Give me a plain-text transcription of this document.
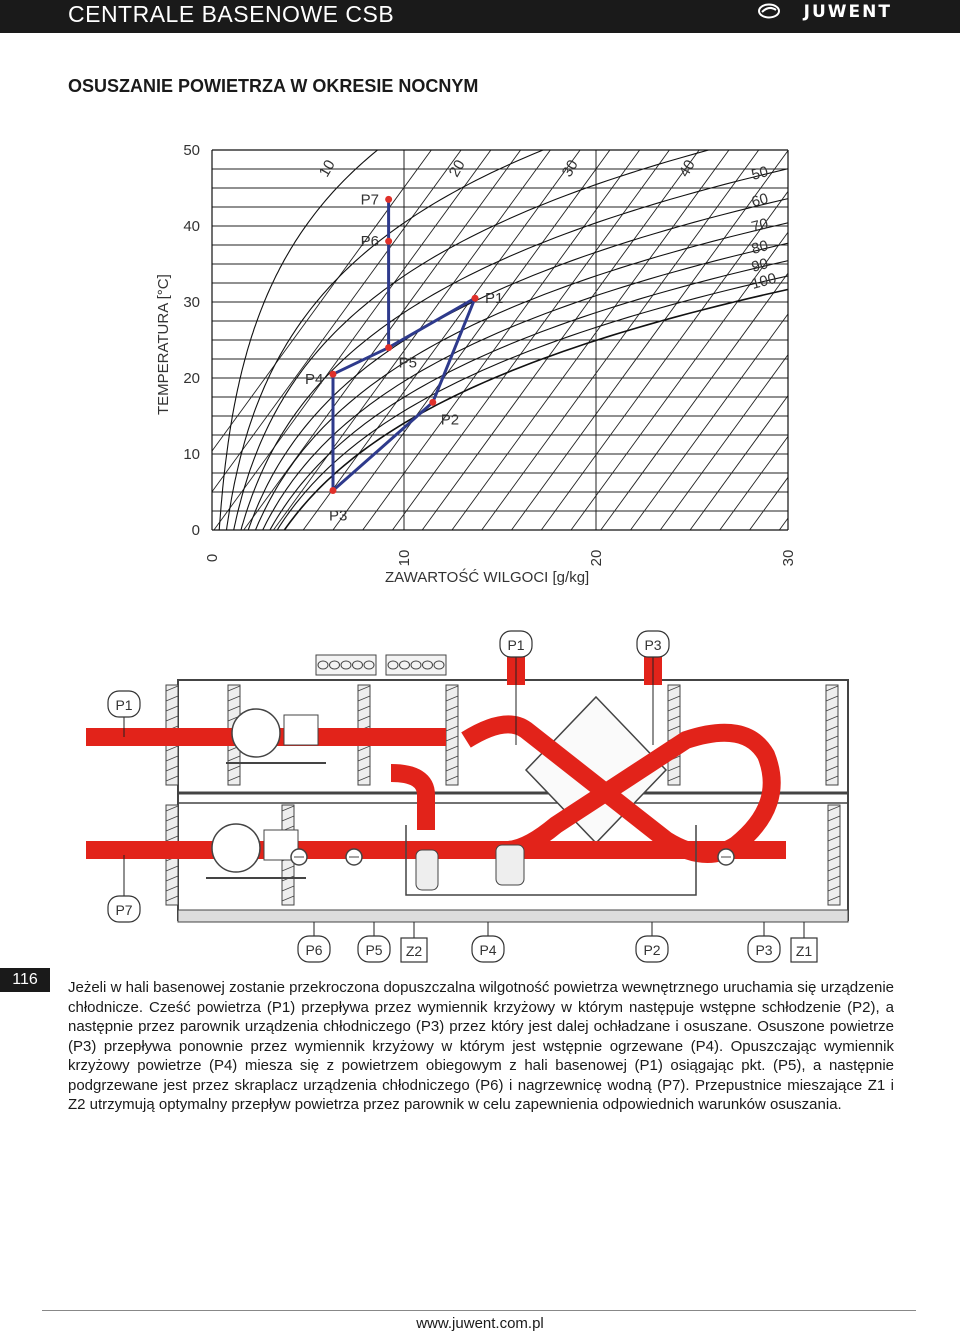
CENTRALE BASENOWE CSB	JUWENT
OSUSZANIE POWIETRZA W OKRESIE NOCNYM
0
10
20
30
40
50
0	10	20	30
10	20	30	40	50
60
70
80
90
100
P1
P2
P3
P4
P5
P6
P7
TEMPERATURA [°C]
ZAWARTOŚĆ WILGOCI [g/kg]
P1	P3
P1
P7
P6	P5 Z2	P4	P2	P3 Z1
116	Jeżeli w hali basenowej zostanie przekroczona dopuszczalna wilgotność powietrza wewnętrznego uruchamia się urządzenie chłodnicze. Cześć powietrza (P1) przepływa przez wymiennik krzyżowy w którym następuje wstępne schłodzenie (P2), a następnie przez parownik urządzenia chłodniczego (P3) przez który jest dalej ochładzane i osuszane. Osuszone powietrze (P3) przepływa ponownie przez wymiennik krzyżowy w którym jest wstępnie ogrzewane (P4). Opuszczając wymiennik krzyżowy powietrze (P4) miesza się z powietrzem obiegowym z hali basenowej (P1) osiągając pkt. (P5), a następnie podgrzewane jest przez skraplacz urządzenia chłodniczego (P6) i nagrzewnicę wodną (P7). Przepustnice mieszające Z1 i Z2 utrzymują optymalny przepływ powietrza przez parownik w celu zapewnienia odpowiednich warunków osuszania.

www.juwent.com.pl
